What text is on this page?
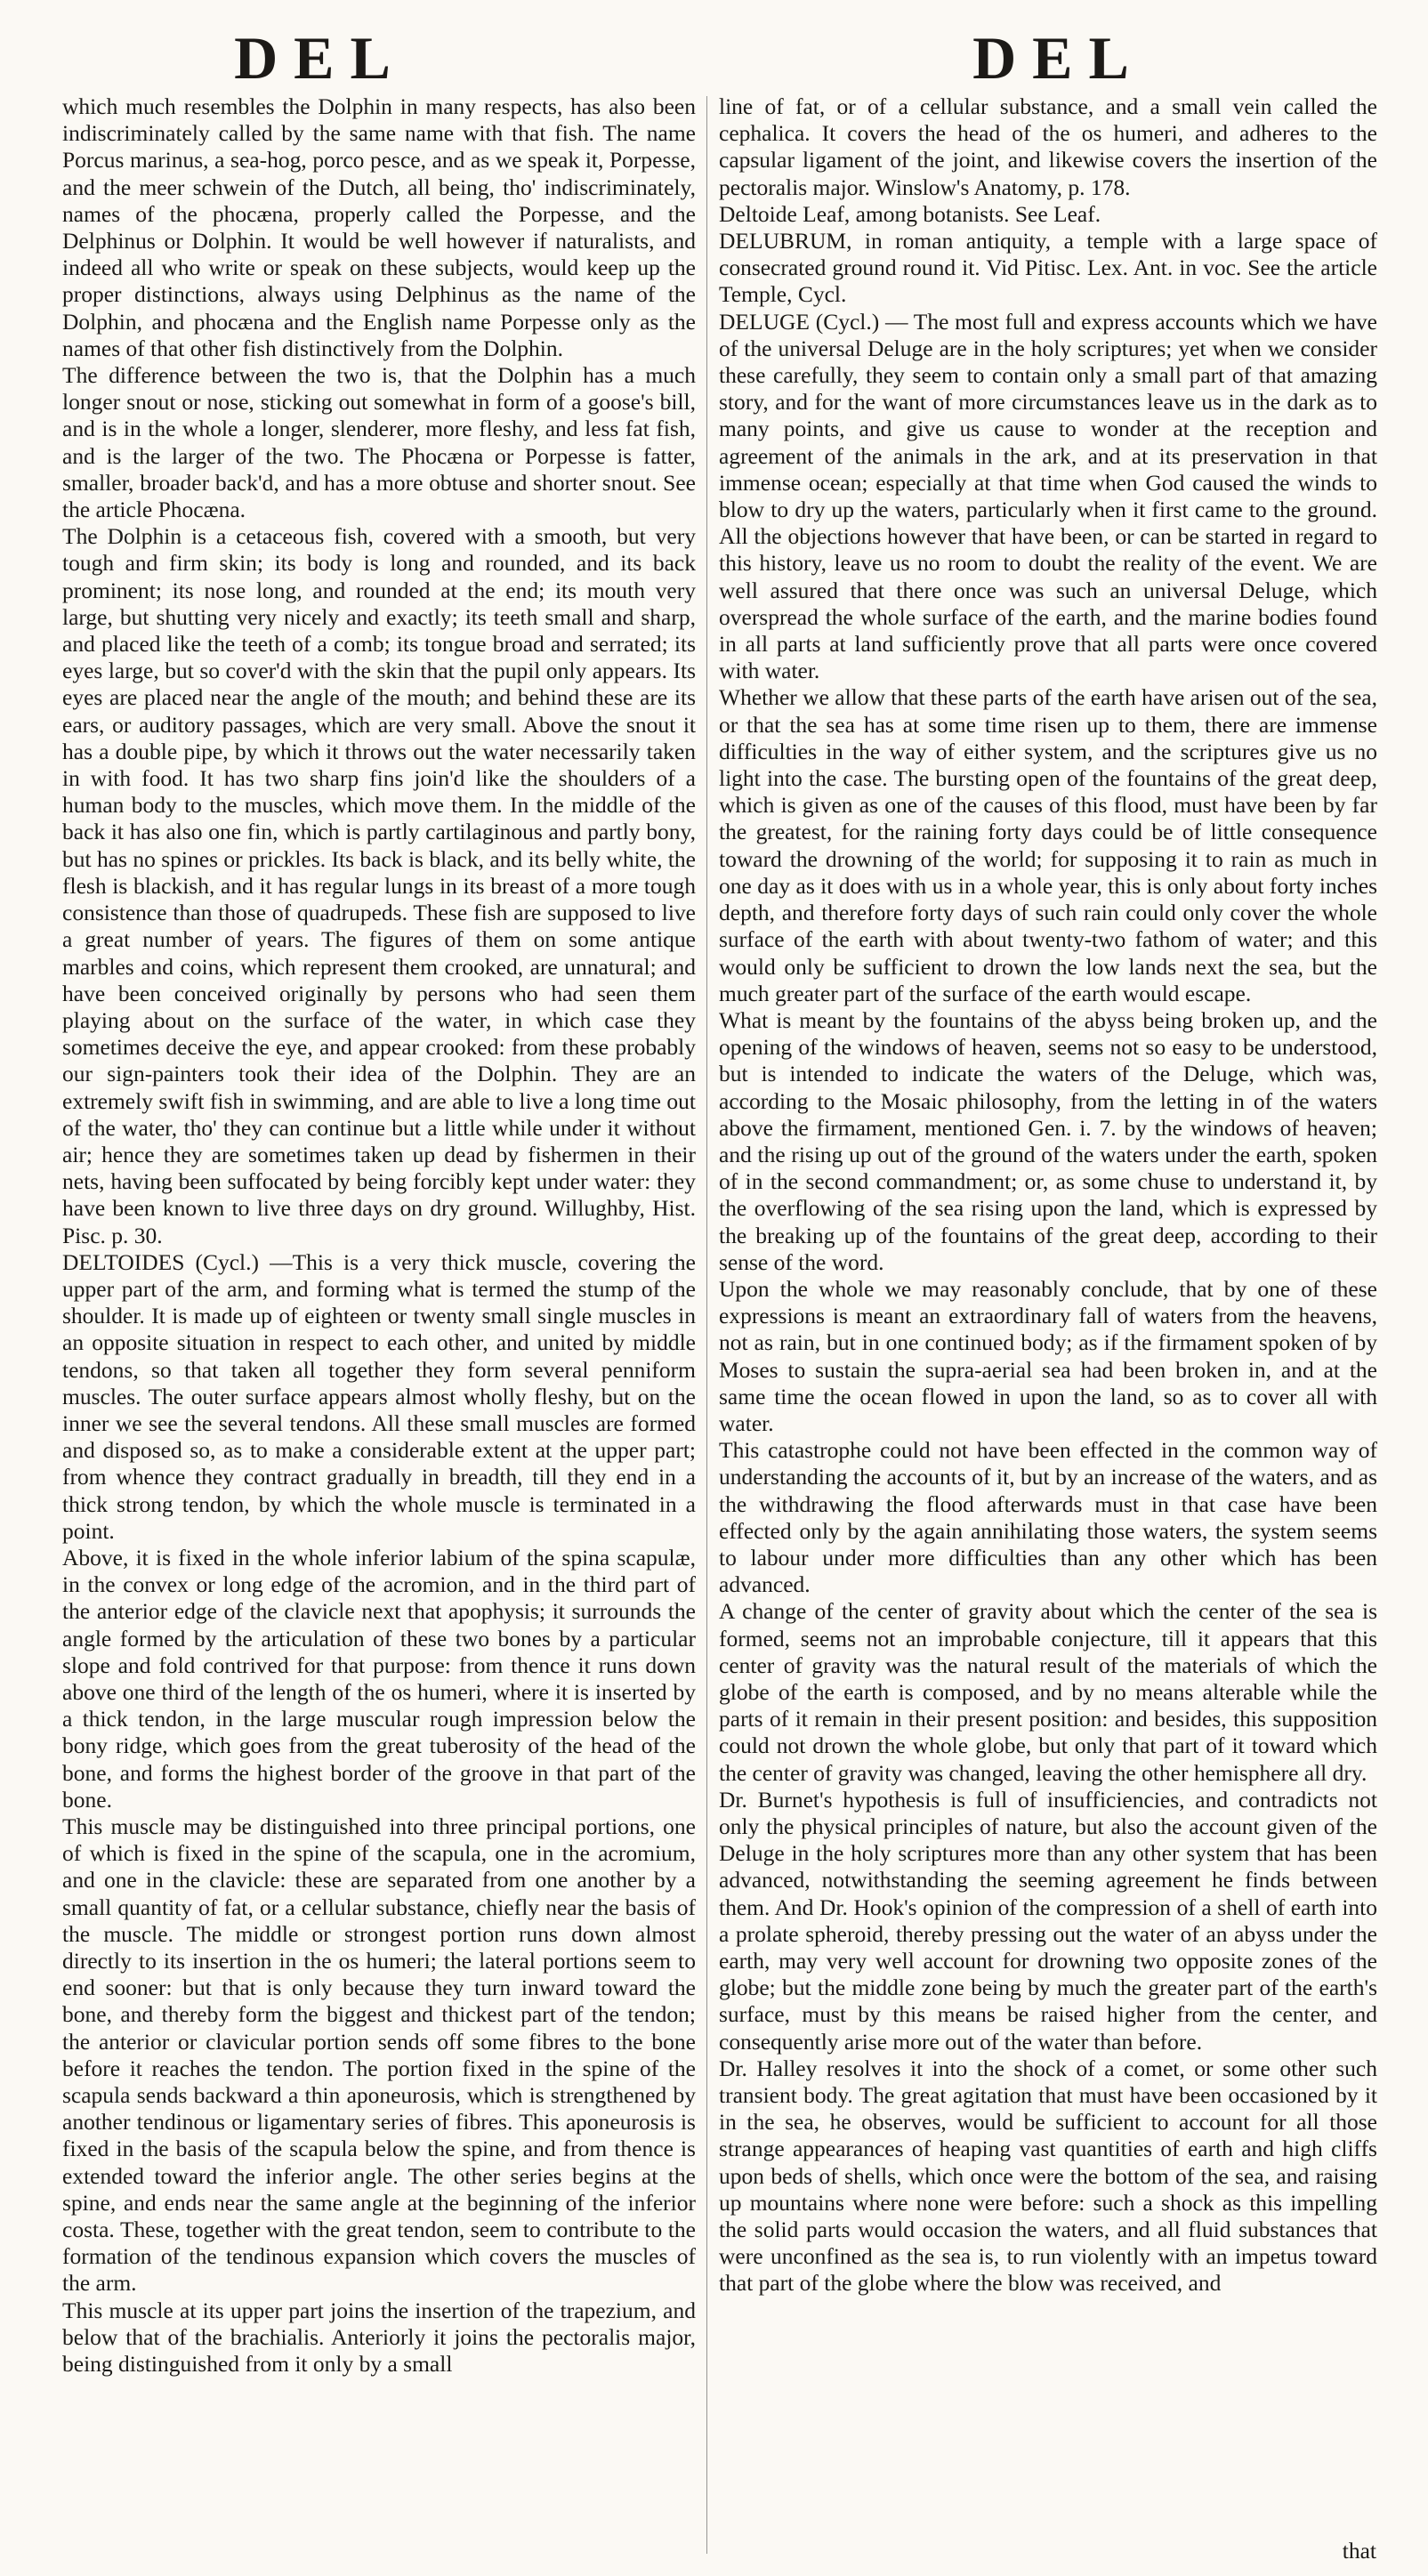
DEL	DEL

which much resembles the Dolphin in many respects, has also been indiscriminately called by the same name with that fish. The name Porcus marinus, a sea-hog, porco pesce, and as we speak it, Porpesse, and the meer schwein of the Dutch, all being, tho' indiscriminately, names of the phocæna, properly called the Porpesse, and the Delphinus or Dolphin. It would be well however if naturalists, and indeed all who write or speak on these subjects, would keep up the proper distinctions, always using Delphinus as the name of the Dolphin, and phocæna and the English name Porpesse only as the names of that other fish distinctively from the Dolphin.

The difference between the two is, that the Dolphin has a much longer snout or nose, sticking out somewhat in form of a goose's bill, and is in the whole a longer, slenderer, more fleshy, and less fat fish, and is the larger of the two. The Phocæna or Porpesse is fatter, smaller, broader back'd, and has a more obtuse and shorter snout. See the article Phocæna.

The Dolphin is a cetaceous fish, covered with a smooth, but very tough and firm skin; its body is long and rounded, and its back prominent; its nose long, and rounded at the end; its mouth very large, but shutting very nicely and exactly; its teeth small and sharp, and placed like the teeth of a comb; its tongue broad and serrated; its eyes large, but so cover'd with the skin that the pupil only appears. Its eyes are placed near the angle of the mouth; and behind these are its ears, or auditory passages, which are very small. Above the snout it has a double pipe, by which it throws out the water necessarily taken in with food. It has two sharp fins join'd like the shoulders of a human body to the muscles, which move them. In the middle of the back it has also one fin, which is partly cartilaginous and partly bony, but has no spines or prickles. Its back is black, and its belly white, the flesh is blackish, and it has regular lungs in its breast of a more tough consistence than those of quadrupeds. These fish are supposed to live a great number of years. The figures of them on some antique marbles and coins, which represent them crooked, are unnatural; and have been conceived originally by persons who had seen them playing about on the surface of the water, in which case they sometimes deceive the eye, and appear crooked: from these probably our sign-painters took their idea of the Dolphin. They are an extremely swift fish in swimming, and are able to live a long time out of the water, tho' they can continue but a little while under it without air; hence they are sometimes taken up dead by fishermen in their nets, having been suffocated by being forcibly kept under water: they have been known to live three days on dry ground. Willughby, Hist. Pisc. p. 30.

DELTOIDES (Cycl.) —This is a very thick muscle, covering the upper part of the arm, and forming what is termed the stump of the shoulder. It is made up of eighteen or twenty small single muscles in an opposite situation in respect to each other, and united by middle tendons, so that taken all together they form several penniform muscles. The outer surface appears almost wholly fleshy, but on the inner we see the several tendons. All these small muscles are formed and disposed so, as to make a considerable extent at the upper part; from whence they contract gradually in breadth, till they end in a thick strong tendon, by which the whole muscle is terminated in a point.

Above, it is fixed in the whole inferior labium of the spina scapulæ, in the convex or long edge of the acromion, and in the third part of the anterior edge of the clavicle next that apophysis; it surrounds the angle formed by the articulation of these two bones by a particular slope and fold contrived for that purpose: from thence it runs down above one third of the length of the os humeri, where it is inserted by a thick tendon, in the large muscular rough impression below the bony ridge, which goes from the great tuberosity of the head of the bone, and forms the highest border of the groove in that part of the bone.

This muscle may be distinguished into three principal portions, one of which is fixed in the spine of the scapula, one in the acromium, and one in the clavicle: these are separated from one another by a small quantity of fat, or a cellular substance, chiefly near the basis of the muscle. The middle or strongest portion runs down almost directly to its insertion in the os humeri; the lateral portions seem to end sooner: but that is only because they turn inward toward the bone, and thereby form the biggest and thickest part of the tendon; the anterior or clavicular portion sends off some fibres to the bone before it reaches the tendon. The portion fixed in the spine of the scapula sends backward a thin aponeurosis, which is strengthened by another tendinous or ligamentary series of fibres. This aponeurosis is fixed in the basis of the scapula below the spine, and from thence is extended toward the inferior angle. The other series begins at the spine, and ends near the same angle at the beginning of the inferior costa. These, together with the great tendon, seem to contribute to the formation of the tendinous expansion which covers the muscles of the arm.

This muscle at its upper part joins the insertion of the trapezium, and below that of the brachialis. Anteriorly it joins the pectoralis major, being distinguished from it only by a small

line of fat, or of a cellular substance, and a small vein called the cephalica. It covers the head of the os humeri, and adheres to the capsular ligament of the joint, and likewise covers the insertion of the pectoralis major. Winslow's Anatomy, p. 178.

Deltoide Leaf, among botanists. See Leaf.

DELUBRUM, in roman antiquity, a temple with a large space of consecrated ground round it. Vid Pitisc. Lex. Ant. in voc. See the article Temple, Cycl.

DELUGE (Cycl.) — The most full and express accounts which we have of the universal Deluge are in the holy scriptures; yet when we consider these carefully, they seem to contain only a small part of that amazing story, and for the want of more circumstances leave us in the dark as to many points, and give us cause to wonder at the reception and agreement of the animals in the ark, and at its preservation in that immense ocean; especially at that time when God caused the winds to blow to dry up the waters, particularly when it first came to the ground. All the objections however that have been, or can be started in regard to this history, leave us no room to doubt the reality of the event. We are well assured that there once was such an universal Deluge, which overspread the whole surface of the earth, and the marine bodies found in all parts at land sufficiently prove that all parts were once covered with water.

Whether we allow that these parts of the earth have arisen out of the sea, or that the sea has at some time risen up to them, there are immense difficulties in the way of either system, and the scriptures give us no light into the case. The bursting open of the fountains of the great deep, which is given as one of the causes of this flood, must have been by far the greatest, for the raining forty days could be of little consequence toward the drowning of the world; for supposing it to rain as much in one day as it does with us in a whole year, this is only about forty inches depth, and therefore forty days of such rain could only cover the whole surface of the earth with about twenty-two fathom of water; and this would only be sufficient to drown the low lands next the sea, but the much greater part of the surface of the earth would escape.

What is meant by the fountains of the abyss being broken up, and the opening of the windows of heaven, seems not so easy to be understood, but is intended to indicate the waters of the Deluge, which was, according to the Mosaic philosophy, from the letting in of the waters above the firmament, mentioned Gen. i. 7. by the windows of heaven; and the rising up out of the ground of the waters under the earth, spoken of in the second commandment; or, as some chuse to understand it, by the overflowing of the sea rising upon the land, which is expressed by the breaking up of the fountains of the great deep, according to their sense of the word.

Upon the whole we may reasonably conclude, that by one of these expressions is meant an extraordinary fall of waters from the heavens, not as rain, but in one continued body; as if the firmament spoken of by Moses to sustain the supra-aerial sea had been broken in, and at the same time the ocean flowed in upon the land, so as to cover all with water.

This catastrophe could not have been effected in the common way of understanding the accounts of it, but by an increase of the waters, and as the withdrawing the flood afterwards must in that case have been effected only by the again annihilating those waters, the system seems to labour under more difficulties than any other which has been advanced.

A change of the center of gravity about which the center of the sea is formed, seems not an improbable conjecture, till it appears that this center of gravity was the natural result of the materials of which the globe of the earth is composed, and by no means alterable while the parts of it remain in their present position: and besides, this supposition could not drown the whole globe, but only that part of it toward which the center of gravity was changed, leaving the other hemisphere all dry.

Dr. Burnet's hypothesis is full of insufficiencies, and contradicts not only the physical principles of nature, but also the account given of the Deluge in the holy scriptures more than any other system that has been advanced, notwithstanding the seeming agreement he finds between them. And Dr. Hook's opinion of the compression of a shell of earth into a prolate spheroid, thereby pressing out the water of an abyss under the earth, may very well account for drowning two opposite zones of the globe; but the middle zone being by much the greater part of the earth's surface, must by this means be raised higher from the center, and consequently arise more out of the water than before.

Dr. Halley resolves it into the shock of a comet, or some other such transient body. The great agitation that must have been occasioned by it in the sea, he observes, would be sufficient to account for all those strange appearances of heaping vast quantities of earth and high cliffs upon beds of shells, which once were the bottom of the sea, and raising up mountains where none were before: such a shock as this impelling the solid parts would occasion the waters, and all fluid substances that were unconfined as the sea is, to run violently with an impetus toward that part of the globe where the blow was received, and

that
